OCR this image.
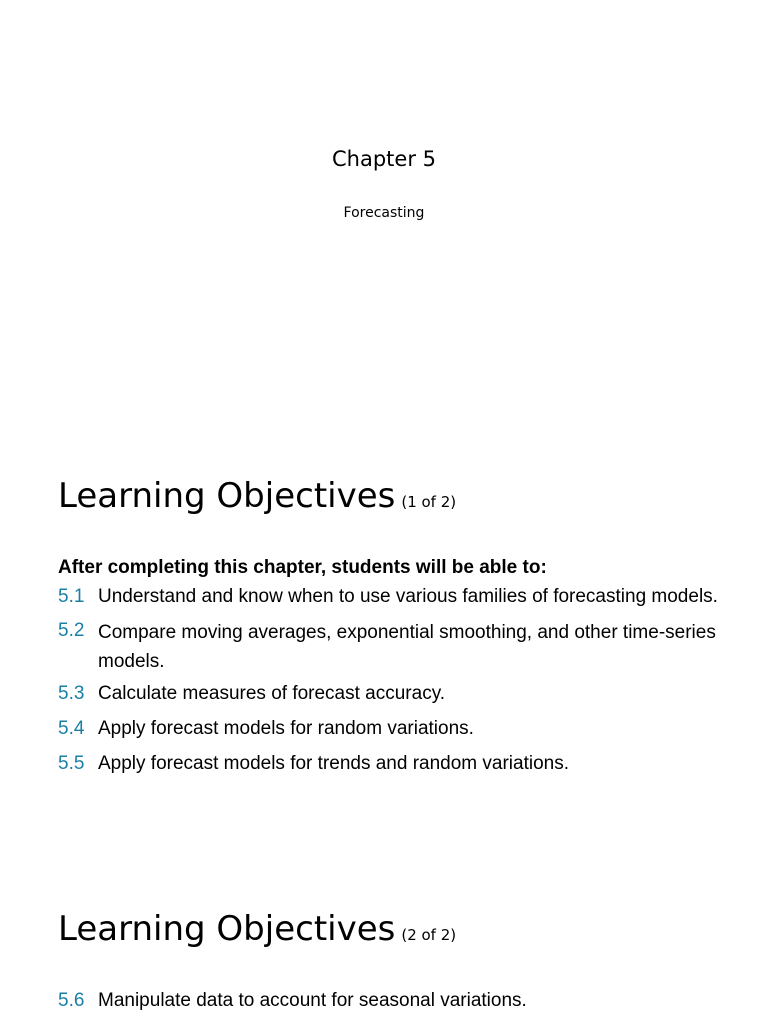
Chapter 5
Forecasting
Learning Objectives (1 of 2)
After completing this chapter, students will be able to:
5.1 Understand and know when to use various families of forecasting models.
5.2 Compare moving averages, exponential smoothing, and other time-series models.
5.3 Calculate measures of forecast accuracy.
5.4 Apply forecast models for random variations.
5.5 Apply forecast models for trends and random variations.
Learning Objectives (2 of 2)
5.6 Manipulate data to account for seasonal variations.
